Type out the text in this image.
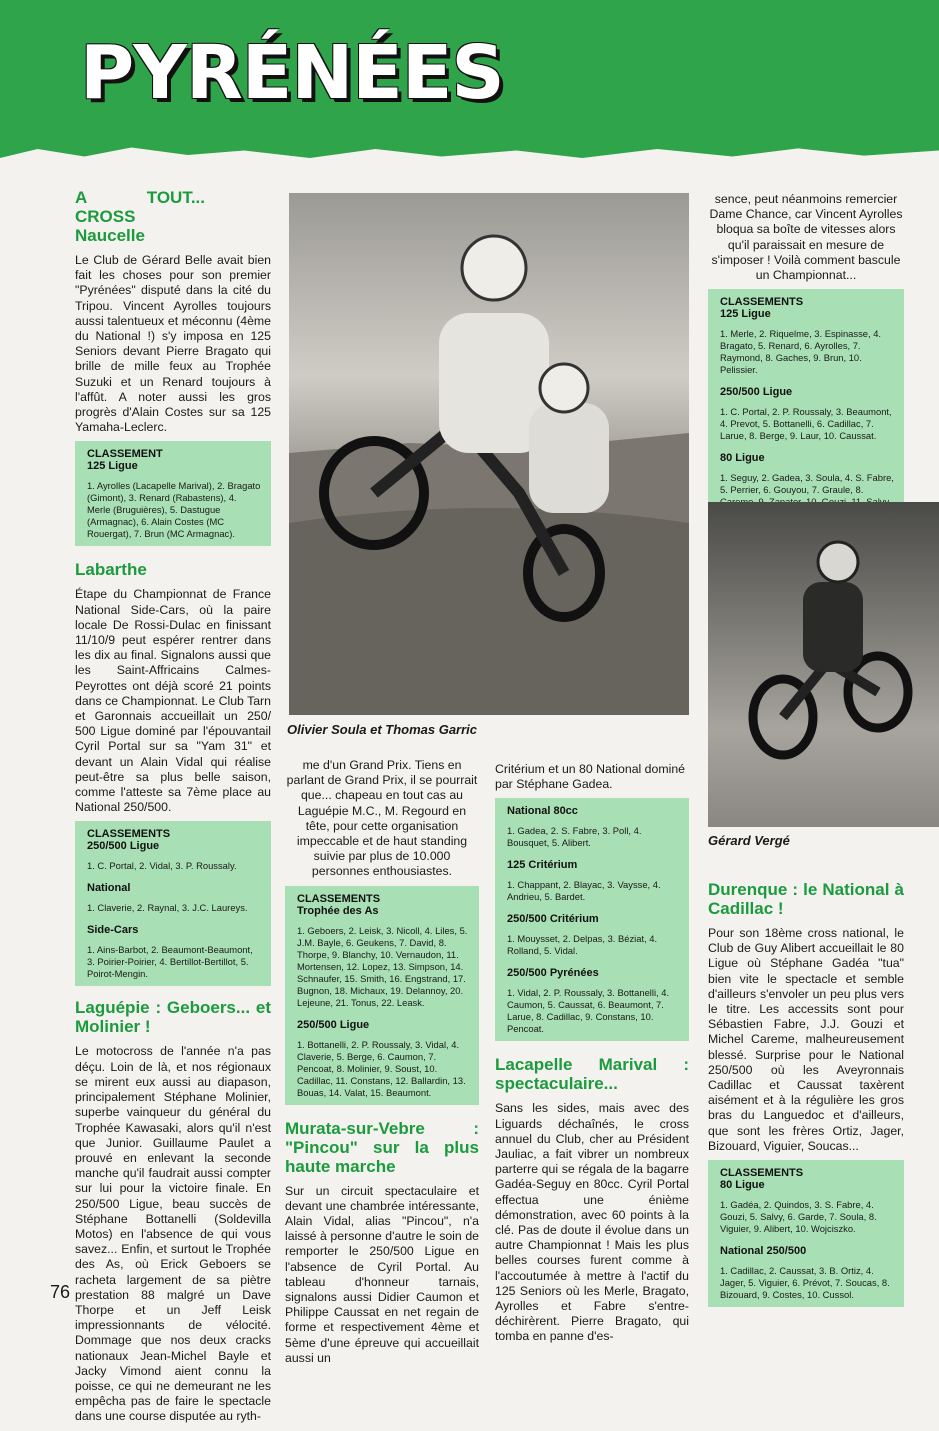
PYRÉNÉES
A TOUT... CROSS Naucelle

Le Club de Gérard Belle avait bien fait les choses pour son premier "Pyrénées" disputé dans la cité du Tripou. Vincent Ayrolles toujours aussi talentueux et méconnu (4ème du National !) s'y imposa en 125 Seniors devant Pierre Bragato qui brille de mille feux au Trophée Suzuki et un Renard toujours à l'affût. A noter aussi les gros progrès d'Alain Costes sur sa 125 Yamaha-Leclerc.

CLASSEMENT 125 Ligue
1. Ayrolles (Lacapelle Marival), 2. Bragato (Gimont), 3. Renard (Rabastens), 4. Merle (Bruguières), 5. Dastugue (Armagnac), 6. Alain Costes (MC Rouergat), 7. Brun (MC Armagnac).
Labarthe

Étape du Championnat de France National Side-Cars, où la paire locale De Rossi-Dulac en finissant 11/10/9 peut espérer rentrer dans les dix au final. Signalons aussi que les Saint-Affricains Calmes-Peyrottes ont déjà scoré 21 points dans ce Championnat. Le Club Tarn et Garonnais accueillait un 250/ 500 Ligue dominé par l'épouvantail Cyril Portal sur sa "Yam 31" et devant un Alain Vidal qui réalise peut-être sa plus belle saison, comme l'atteste sa 7ème place au National 250/500.

CLASSEMENTS 250/500 Ligue
1. C. Portal, 2. Vidal, 3. P. Roussaly.
National
1. Claverie, 2. Raynal, 3. J.C. Laureys.
Side-Cars
1. Ains-Barbot, 2. Beaumont-Beaumont, 3. Poirier-Poirier, 4. Bertillot-Bertillot, 5. Poirot-Mengin.
Laguépie : Geboers... et Molinier !

Le motocross de l'année n'a pas déçu. Loin de là, et nos régionaux se mirent eux aussi au diapason, principalement Stéphane Molinier, superbe vainqueur du général du Trophée Kawasaki, alors qu'il n'est que Junior. Guillaume Paulet a prouvé en enlevant la seconde manche qu'il faudrait aussi compter sur lui pour la victoire finale. En 250/500 Ligue, beau succès de Stéphane Bottanelli (Soldevilla Motos) en l'absence de qui vous savez... Enfin, et surtout le Trophée des As, où Erick Geboers se racheta largement de sa piètre prestation 88 malgré un Dave Thorpe et un Jeff Leisk impressionnants de vélocité. Dommage que nos deux cracks nationaux Jean-Michel Bayle et Jacky Vimond aient connu la poisse, ce qui ne demeurant ne les empêcha pas de faire le spectacle dans une course disputée au ryth-

Olivier Soula et Thomas Garric

me d'un Grand Prix. Tiens en parlant de Grand Prix, il se pourrait que... chapeau en tout cas au Laguépie M.C., M. Regourd en tête, pour cette organisation impeccable et de haut standing suivie par plus de 10.000 personnes enthousiastes.

CLASSEMENTS Trophée des As
1. Geboers, 2. Leisk, 3. Nicoll, 4. Liles, 5. J.M. Bayle, 6. Geukens, 7. David, 8. Thorpe, 9. Blanchy, 10. Vernaudon, 11. Mortensen, 12. Lopez, 13. Simpson, 14. Schnaufer, 15. Smith, 16. Engstrand, 17. Bugnon, 18. Michaux, 19. Delannoy, 20. Lejeune, 21. Tonus, 22. Leask.
250/500 Ligue
1. Bottanelli, 2. P. Roussaly, 3. Vidal, 4. Claverie, 5. Berge, 6. Caumon, 7. Pencoat, 8. Molinier, 9. Soust, 10. Cadillac, 11. Constans, 12. Ballardin, 13. Bouas, 14. Valat, 15. Beaumont.
Murata-sur-Vebre : "Pincou" sur la plus haute marche

Sur un circuit spectaculaire et devant une chambrée intéressante, Alain Vidal, alias "Pincou", n'a laissé à personne d'autre le soin de remporter le 250/500 Ligue en l'absence de Cyril Portal. Au tableau d'honneur tarnais, signalons aussi Didier Caumon et Philippe Caussat en net regain de forme et respectivement 4ème et 5ème d'une épreuve qui accueillait aussi un

Critérium et un 80 National dominé par Stéphane Gadea.

National 80cc
1. Gadea, 2. S. Fabre, 3. Poll, 4. Bousquet, 5. Alibert.
125 Critérium
1. Chappant, 2. Blayac, 3. Vaysse, 4. Andrieu, 5. Bardet.
250/500 Critérium
1. Mouysset, 2. Delpas, 3. Béziat, 4. Rolland, 5. Vidal.
250/500 Pyrénées
1. Vidal, 2. P. Roussaly, 3. Bottanelli, 4. Caumon, 5. Caussat, 6. Beaumont, 7. Larue, 8. Cadillac, 9. Constans, 10. Pencoat.
Lacapelle Marival : spectaculaire...

Sans les sides, mais avec des Liguards déchaînés, le cross annuel du Club, cher au Président Jauliac, a fait vibrer un nombreux parterre qui se régala de la bagarre Gadéa-Seguy en 80cc. Cyril Portal effectua une énième démonstration, avec 60 points à la clé. Pas de doute il évolue dans un autre Championnat ! Mais les plus belles courses furent comme à l'accoutumée à mettre à l'actif du 125 Seniors où les Merle, Bragato, Ayrolles et Fabre s'entre-déchirèrent. Pierre Bragato, qui tomba en panne d'es-

sence, peut néanmoins remercier Dame Chance, car Vincent Ayrolles bloqua sa boîte de vitesses alors qu'il paraissait en mesure de s'imposer ! Voilà comment bascule un Championnat...

CLASSEMENTS 125 Ligue
1. Merle, 2. Riquelme, 3. Espinasse, 4. Bragato, 5. Renard, 6. Ayrolles, 7. Raymond, 8. Gaches, 9. Brun, 10. Pelissier.
250/500 Ligue
1. C. Portal, 2. P. Roussaly, 3. Beaumont, 4. Prevot, 5. Bottanelli, 6. Cadillac, 7. Larue, 8. Berge, 9. Laur, 10. Caussat.
80 Ligue
1. Seguy, 2. Gadea, 3. Soula, 4. S. Fabre, 5. Perrier, 6. Gouyou, 7. Graule, 8.
Gérard Vergé
Durenque : le National à Cadillac !

Pour son 18ème cross national, le Club de Guy Alibert accueillait le 80 Ligue où Stéphane Gadéa "tua" bien vite le spectacle et semble d'ailleurs s'envoler un peu plus vers le titre. Les accessits sont pour Sébastien Fabre, J.J. Gouzi et Michel Careme, malheureusement blessé. Surprise pour le National 250/500 où les Aveyronnais Cadillac et Caussat taxèrent aisément et à la régulière les gros bras du Languedoc et d'ailleurs, que sont les frères Ortiz, Jager, Bizouard, Viguier, Soucas...

CLASSEMENTS 80 Ligue
1. Gadéa, 2. Quindos, 3. S. Fabre, 4. Gouzi, 5. Salvy, 6. Garde, 7. Soula, 8. Viguier, 9. Alibert, 10. Wojciszko.
National 250/500
1. Cadillac, 2. Caussat, 3. B. Ortiz, 4. Jager, 5. Viguier, 6. Prévot, 7. Soucas, 8. Bizouard, 9. Costes, 10. Cussol.
76
